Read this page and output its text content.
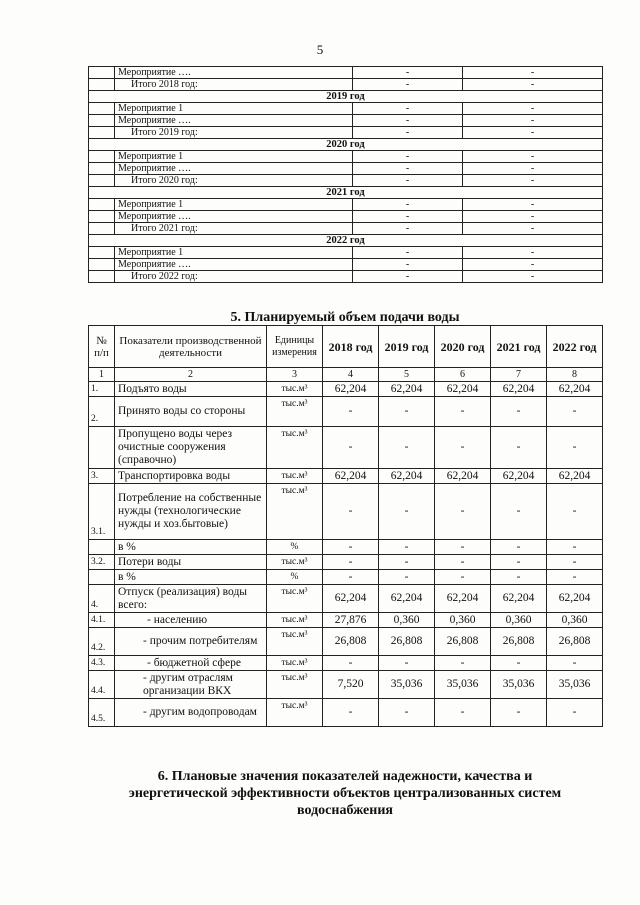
5
	Мероприятие ….	-	-
	Итого 2018 год:	-	-
2019 год			
	Мероприятие 1	-	-
	Мероприятие ….	-	-
	Итого 2019 год:	-	-
2020 год			
	Мероприятие 1	-	-
	Мероприятие ….	-	-
	Итого 2020 год:	-	-
2021 год			
	Мероприятие 1	-	-
	Мероприятие ….	-	-
	Итого 2021 год:	-	-
2022 год			
	Мероприятие 1	-	-
	Мероприятие ….	-	-
	Итого 2022 год:	-	-
5. Планируемый объем подачи воды
№ п/п	Показатели производственной деятельности	Единицы измерения	2018 год	2019 год	2020 год	2021 год	2022 год
1	2	3	4	5	6	7	8
1.	Подъято воды	тыс.м³	62,204	62,204	62,204	62,204	62,204
2.	Принято воды со стороны	тыс.м³	-	-	-	-	-
	Пропущено воды через очистные сооружения (справочно)	тыс.м³	-	-	-	-	-
3.	Транспортировка воды	тыс.м³	62,204	62,204	62,204	62,204	62,204
3.1.	Потребление на собственные нужды (технологические нужды и хоз.бытовые)	тыс.м³	-	-	-	-	-
	в %	%	-	-	-	-	-
3.2.	Потери воды	тыс.м³	-	-	-	-	-
	в %	%	-	-	-	-	-
4.	Отпуск (реализация) воды всего:	тыс.м³	62,204	62,204	62,204	62,204	62,204
4.1.	- населению	тыс.м³	27,876	0,360	0,360	0,360	0,360
4.2.	- прочим потребителям	тыс.м³	26,808	26,808	26,808	26,808	26,808
4.3.	- бюджетной сфере	тыс.м³	-	-	-	-	-
4.4.	- другим отраслям организации ВКХ	тыс.м³	7,520	35,036	35,036	35,036	35,036
4.5.	- другим водопроводам	тыс.м³	-	-	-	-	-
6. Плановые значения показателей надежности, качества и энергетической эффективности объектов централизованных систем водоснабжения
